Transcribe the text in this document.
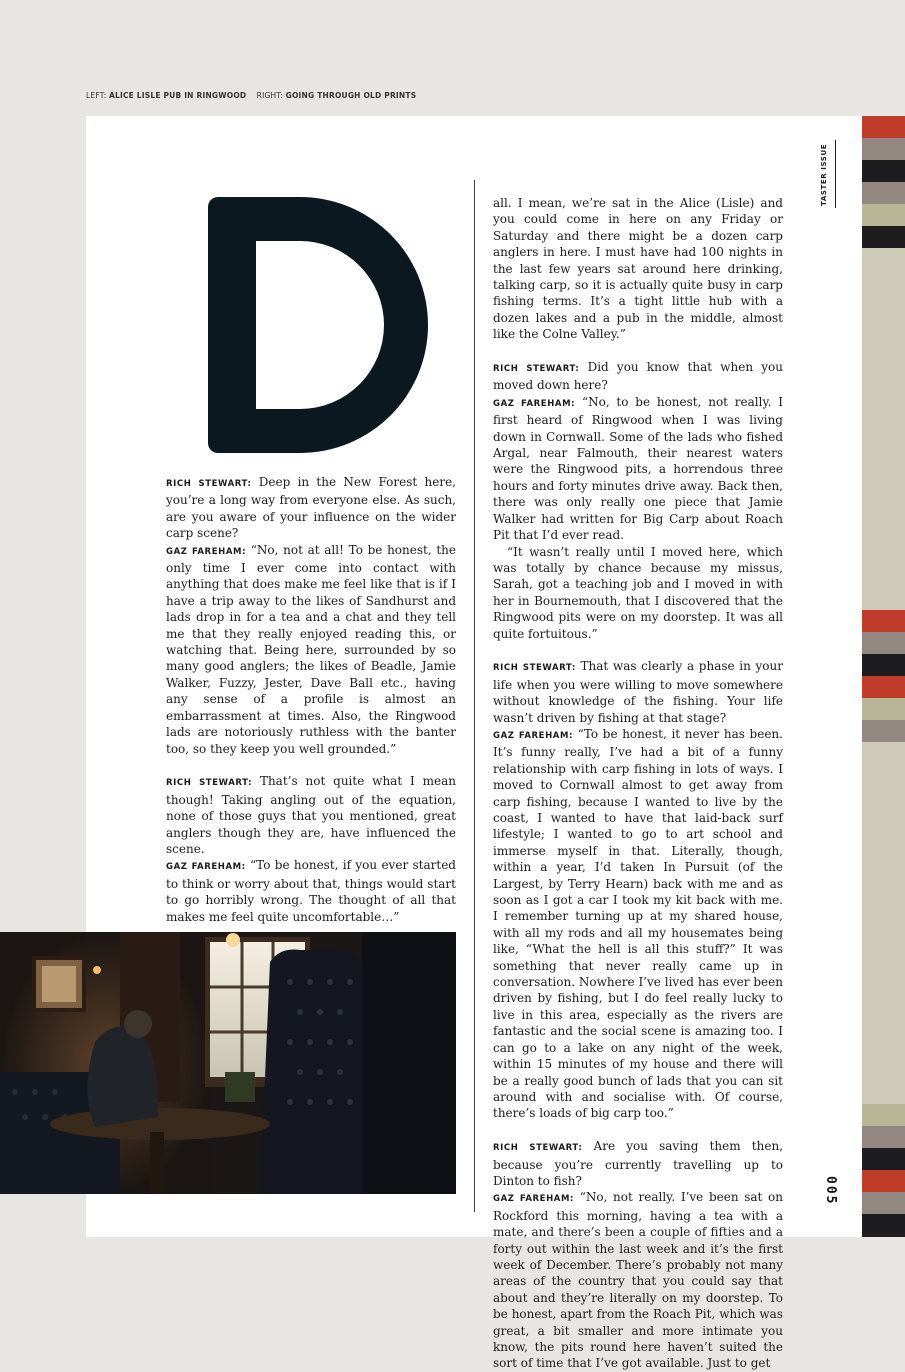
LEFT: ALICE LISLE PUB IN RINGWOOD RIGHT: GOING THROUGH OLD PRINTS
TASTER ISSUE

RICH STEWART: Deep in the New Forest here, you’re a long way from everyone else. As such, are you aware of your influence on the wider carp scene?

GAZ FAREHAM: “No, not at all! To be honest, the only time I ever come into contact with anything that does make me feel like that is if I have a trip away to the likes of Sandhurst and lads drop in for a tea and a chat and they tell me that they really enjoyed reading this, or watching that. Being here, surrounded by so many good anglers; the likes of Beadle, Jamie Walker, Fuzzy, Jester, Dave Ball etc., having any sense of a profile is almost an embarrassment at times. Also, the Ringwood lads are notoriously ruthless with the banter too, so they keep you well grounded.”

RICH STEWART: That’s not quite what I mean though! Taking angling out of the equation, none of those guys that you mentioned, great anglers though they are, have influenced the scene.

GAZ FAREHAM: “To be honest, if you ever started to think or worry about that, things would start to go horribly wrong. The thought of all that makes me feel quite uncomfortable…”

all. I mean, we’re sat in the Alice (Lisle) and you could come in here on any Friday or Saturday and there might be a dozen carp anglers in here. I must have had 100 nights in the last few years sat around here drinking, talking carp, so it is actually quite busy in carp fishing terms. It’s a tight little hub with a dozen lakes and a pub in the middle, almost like the Colne Valley.”

RICH STEWART: Did you know that when you moved down here?

GAZ FAREHAM: “No, to be honest, not really. I first heard of Ringwood when I was living down in Cornwall. Some of the lads who fished Argal, near Falmouth, their nearest waters were the Ringwood pits, a horrendous three hours and forty minutes drive away. Back then, there was only really one piece that Jamie Walker had written for Big Carp about Roach Pit that I’d ever read.

“It wasn’t really until I moved here, which was totally by chance because my missus, Sarah, got a teaching job and I moved in with her in Bournemouth, that I discovered that the Ringwood pits were on my doorstep. It was all quite fortuitous.”

RICH STEWART: That was clearly a phase in your life when you were willing to move somewhere without knowledge of the fishing. Your life wasn’t driven by fishing at that stage?

GAZ FAREHAM: “To be honest, it never has been. It’s funny really, I’ve had a bit of a funny relationship with carp fishing in lots of ways. I moved to Cornwall almost to get away from carp fishing, because I wanted to live by the coast, I wanted to have that laid-back surf lifestyle; I wanted to go to art school and immerse myself in that. Literally, though, within a year, I’d taken In Pursuit (of the Largest, by Terry Hearn) back with me and as soon as I got a car I took my kit back with me. I remember turning up at my shared house, with all my rods and all my housemates being like, “What the hell is all this stuff?” It was something that never really came up in conversation. Nowhere I’ve lived has ever been driven by fishing, but I do feel really lucky to live in this area, especially as the rivers are fantastic and the social scene is amazing too. I can go to a lake on any night of the week, within 15 minutes of my house and there will be a really good bunch of lads that you can sit around with and socialise with. Of course, there’s loads of big carp too.”

RICH STEWART: Are you saving them then, because you’re currently travelling up to Dinton to fish?

GAZ FAREHAM: “No, not really. I’ve been sat on Rockford this morning, having a tea with a mate, and there’s been a couple of fifties and a forty out within the last week and it’s the first week of December. There’s probably not many areas of the country that you could say that about and they’re literally on my doorstep. To be honest, apart from the Roach Pit, which was great, a bit smaller and more intimate you know, the pits round here haven’t suited the sort of time that I’ve got available. Just to get

005
